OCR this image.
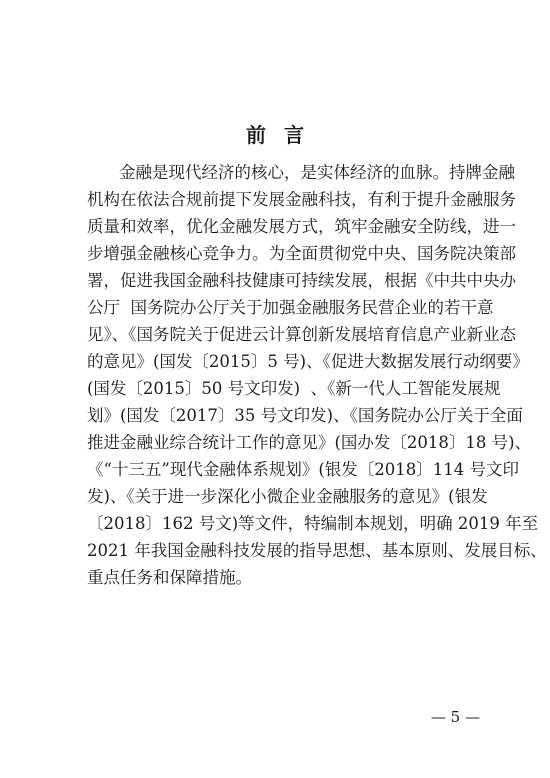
前言
金融是现代经济的核心，是实体经济的血脉。持牌金融
机构在依法合规前提下发展金融科技，有利于提升金融服务
质量和效率，优化金融发展方式，筑牢金融安全防线，进一
步增强金融核心竞争力。为全面贯彻党中央、国务院决策部
署，促进我国金融科技健康可持续发展，根据《中共中央办
公厅  国务院办公厅关于加强金融服务民营企业的若干意
见》、《国务院关于促进云计算创新发展培育信息产业新业态
的意见》(国发〔2015〕5 号)、《促进大数据发展行动纲要》
(国发〔2015〕50 号文印发)  、《新一代人工智能发展规
划》(国发〔2017〕35 号文印发)、《国务院办公厅关于全面
推进金融业综合统计工作的意见》(国办发〔2018〕18 号)、
《“十三五”现代金融体系规划》(银发〔2018〕114 号文印
发)、《关于进一步深化小微企业金融服务的意见》(银发
〔2018〕162 号文)等文件，特编制本规划，明确 2019 年至
2021 年我国金融科技发展的指导思想、基本原则、发展目标、
重点任务和保障措施。
— 5 —
